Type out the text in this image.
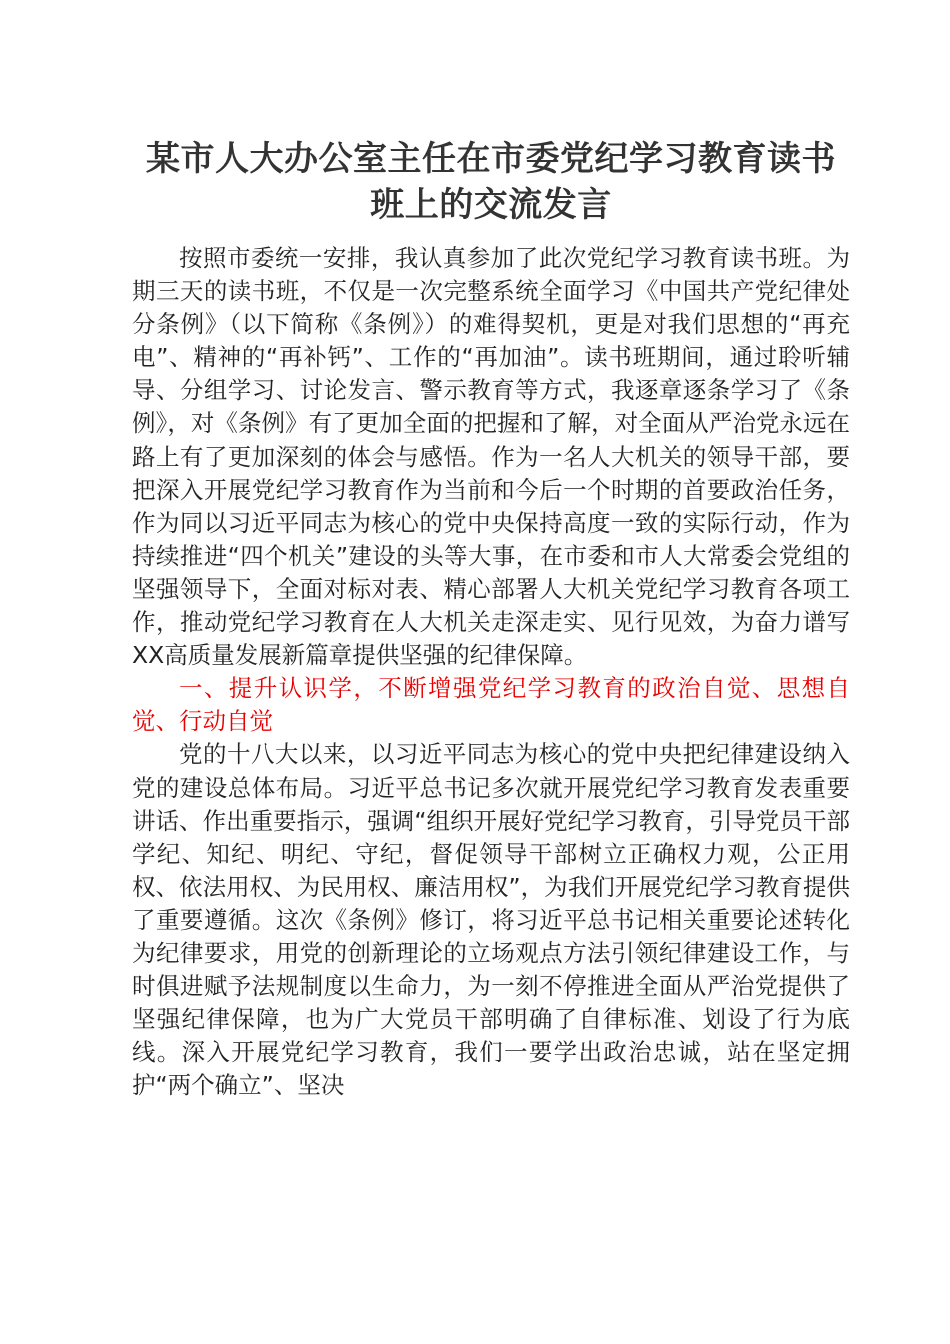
某市人大办公室主任在市委党纪学习教育读书
班上的交流发言

按照市委统一安排，我认真参加了此次党纪学习教育读书班。为期三天的读书班，不仅是一次完整系统全面学习《中国共产党纪律处分条例》（以下简称《条例》）的难得契机，更是对我们思想的“再充电”、精神的“再补钙”、工作的“再加油”。读书班期间，通过聆听辅导、分组学习、讨论发言、警示教育等方式，我逐章逐条学习了《条例》，对《条例》有了更加全面的把握和了解，对全面从严治党永远在路上有了更加深刻的体会与感悟。作为一名人大机关的领导干部，要把深入开展党纪学习教育作为当前和今后一个时期的首要政治任务，作为同以习近平同志为核心的党中央保持高度一致的实际行动，作为持续推进“四个机关”建设的头等大事，在市委和市人大常委会党组的坚强领导下，全面对标对表、精心部署人大机关党纪学习教育各项工作，推动党纪学习教育在人大机关走深走实、见行见效，为奋力谱写XX高质量发展新篇章提供坚强的纪律保障。

一、提升认识学，不断增强党纪学习教育的政治自觉、思想自觉、行动自觉

党的十八大以来，以习近平同志为核心的党中央把纪律建设纳入党的建设总体布局。习近平总书记多次就开展党纪学习教育发表重要讲话、作出重要指示，强调“组织开展好党纪学习教育，引导党员干部学纪、知纪、明纪、守纪，督促领导干部树立正确权力观，公正用权、依法用权、为民用权、廉洁用权”，为我们开展党纪学习教育提供了重要遵循。这次《条例》修订，将习近平总书记相关重要论述转化为纪律要求，用党的创新理论的立场观点方法引领纪律建设工作，与时俱进赋予法规制度以生命力，为一刻不停推进全面从严治党提供了坚强纪律保障，也为广大党员干部明确了自律标准、划设了行为底线。深入开展党纪学习教育，我们一要学出政治忠诚，站在坚定拥护“两个确立”、坚决
